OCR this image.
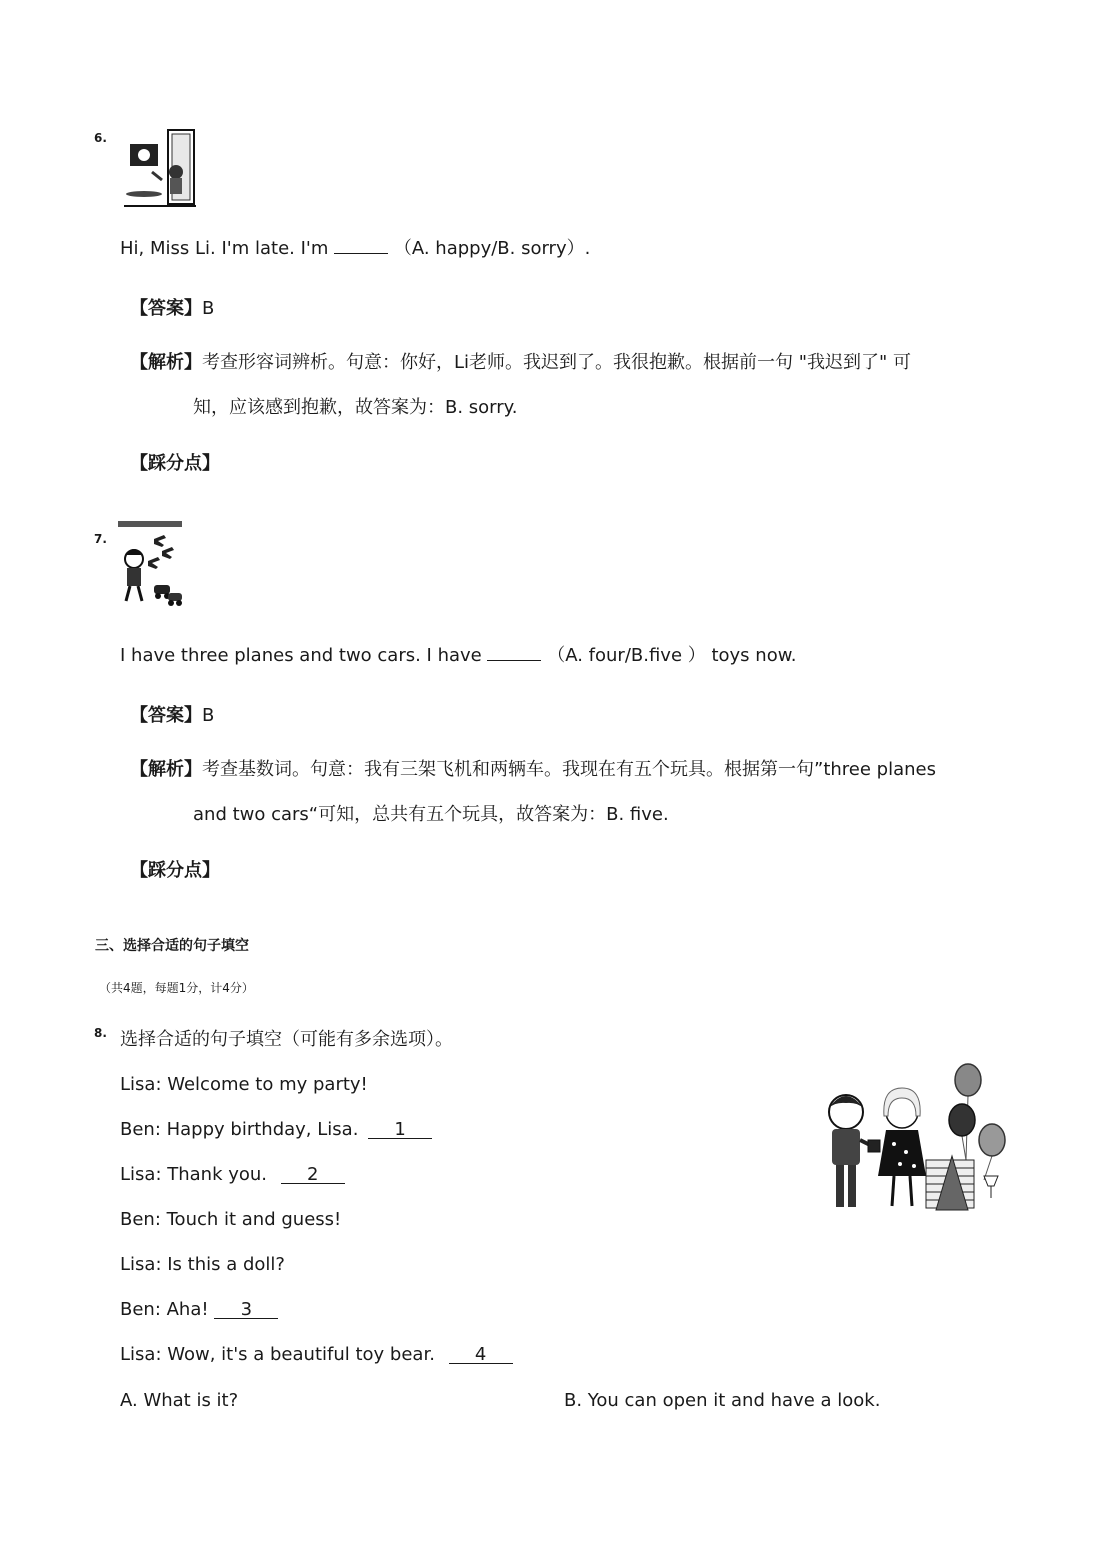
6.
Hi, Miss Li. I'm late. I'm	（A. happy/B. sorry）.
【答案】B
【解析】考查形容词辨析。句意：你好，Li老师。我迟到了。我很抱歉。根据前一句 "我迟到了" 可
知，应该感到抱歉，故答案为：B. sorry.
【踩分点】
7.
I have three planes and two cars. I have	（A. four/B.five ） toys now.
【答案】B
【解析】考查基数词。句意：我有三架飞机和两辆车。我现在有五个玩具。根据第一句”three planes
and two cars“可知，总共有五个玩具，故答案为：B. five.
【踩分点】
三、选择合适的句子填空
（共4题，每题1分，计4分）
8. 选择合适的句子填空（可能有多余选项）。
Lisa: Welcome to my party!
Ben: Happy birthday, Lisa. 1
Lisa: Thank you. 2
Ben: Touch it and guess!
Lisa: Is this a doll?
Ben: Aha! 3
Lisa: Wow, it's a beautiful toy bear. 4
A. What is it?	B. You can open it and have a look.
